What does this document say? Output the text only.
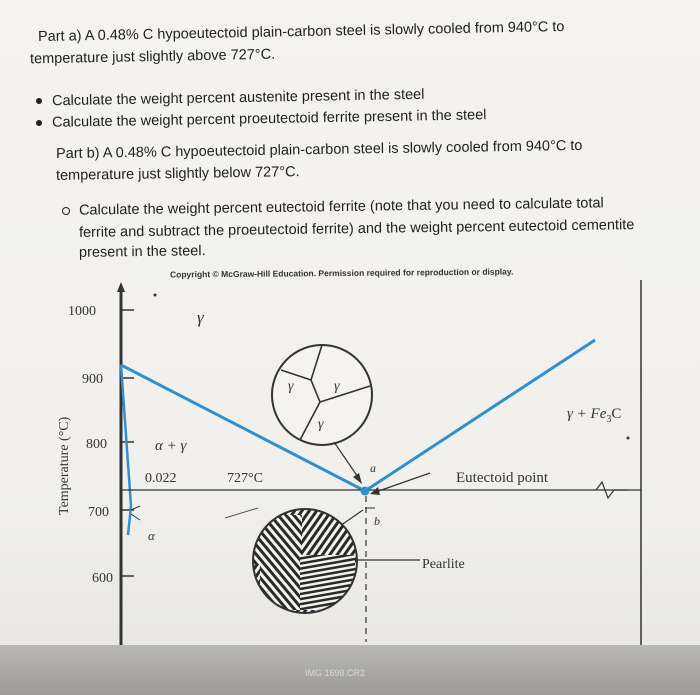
Part a) A 0.48% C hypoeutectoid plain-carbon steel is slowly cooled from 940°C to
temperature just slightly above 727°C.
Calculate the weight percent austenite present in the steel
Calculate the weight percent proeutectoid ferrite present in the steel
Part b) A 0.48% C hypoeutectoid plain-carbon steel is slowly cooled from 940°C to
temperature just slightly below 727°C.
Calculate the weight percent eutectoid ferrite (note that you need to calculate total
ferrite and subtract the proeutectoid ferrite) and the weight percent eutectoid cementite
present in the steel.
Copyright © McGraw-Hill Education. Permission required for reproduction or display.
Temperature (°C)
1000
900
800
700
600
γ	γ
γ
γ
α + γ
0.022	727°C
α
a
b
Eutectoid point
Pearlite
$\gamma + Fe_3C$
IMG 1698.CR2
